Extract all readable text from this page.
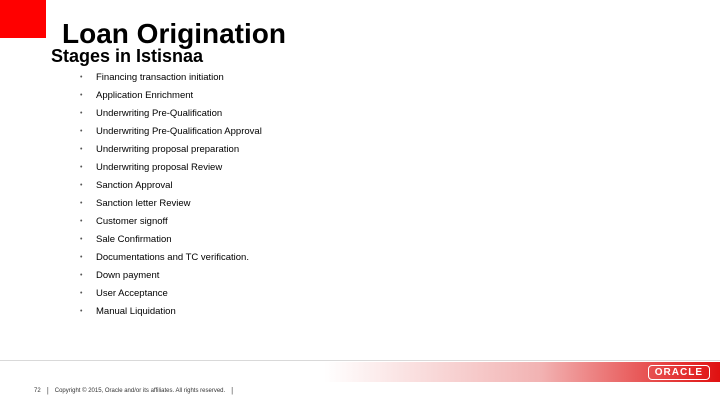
Loan Origination
Stages in Istisnaa
•	Financing transaction initiation
•	Application Enrichment
•	Underwriting Pre-Qualification
•	Underwriting Pre-Qualification Approval
•	Underwriting proposal preparation
•	Underwriting proposal Review
•	Sanction Approval
•	Sanction letter Review
•	Customer signoff
•	Sale Confirmation
•	Documentations and TC verification.
•	Down payment
•	User Acceptance
•	Manual Liquidation
ORACLE
72 | Copyright © 2015, Oracle and/or its affiliates. All rights reserved. |
